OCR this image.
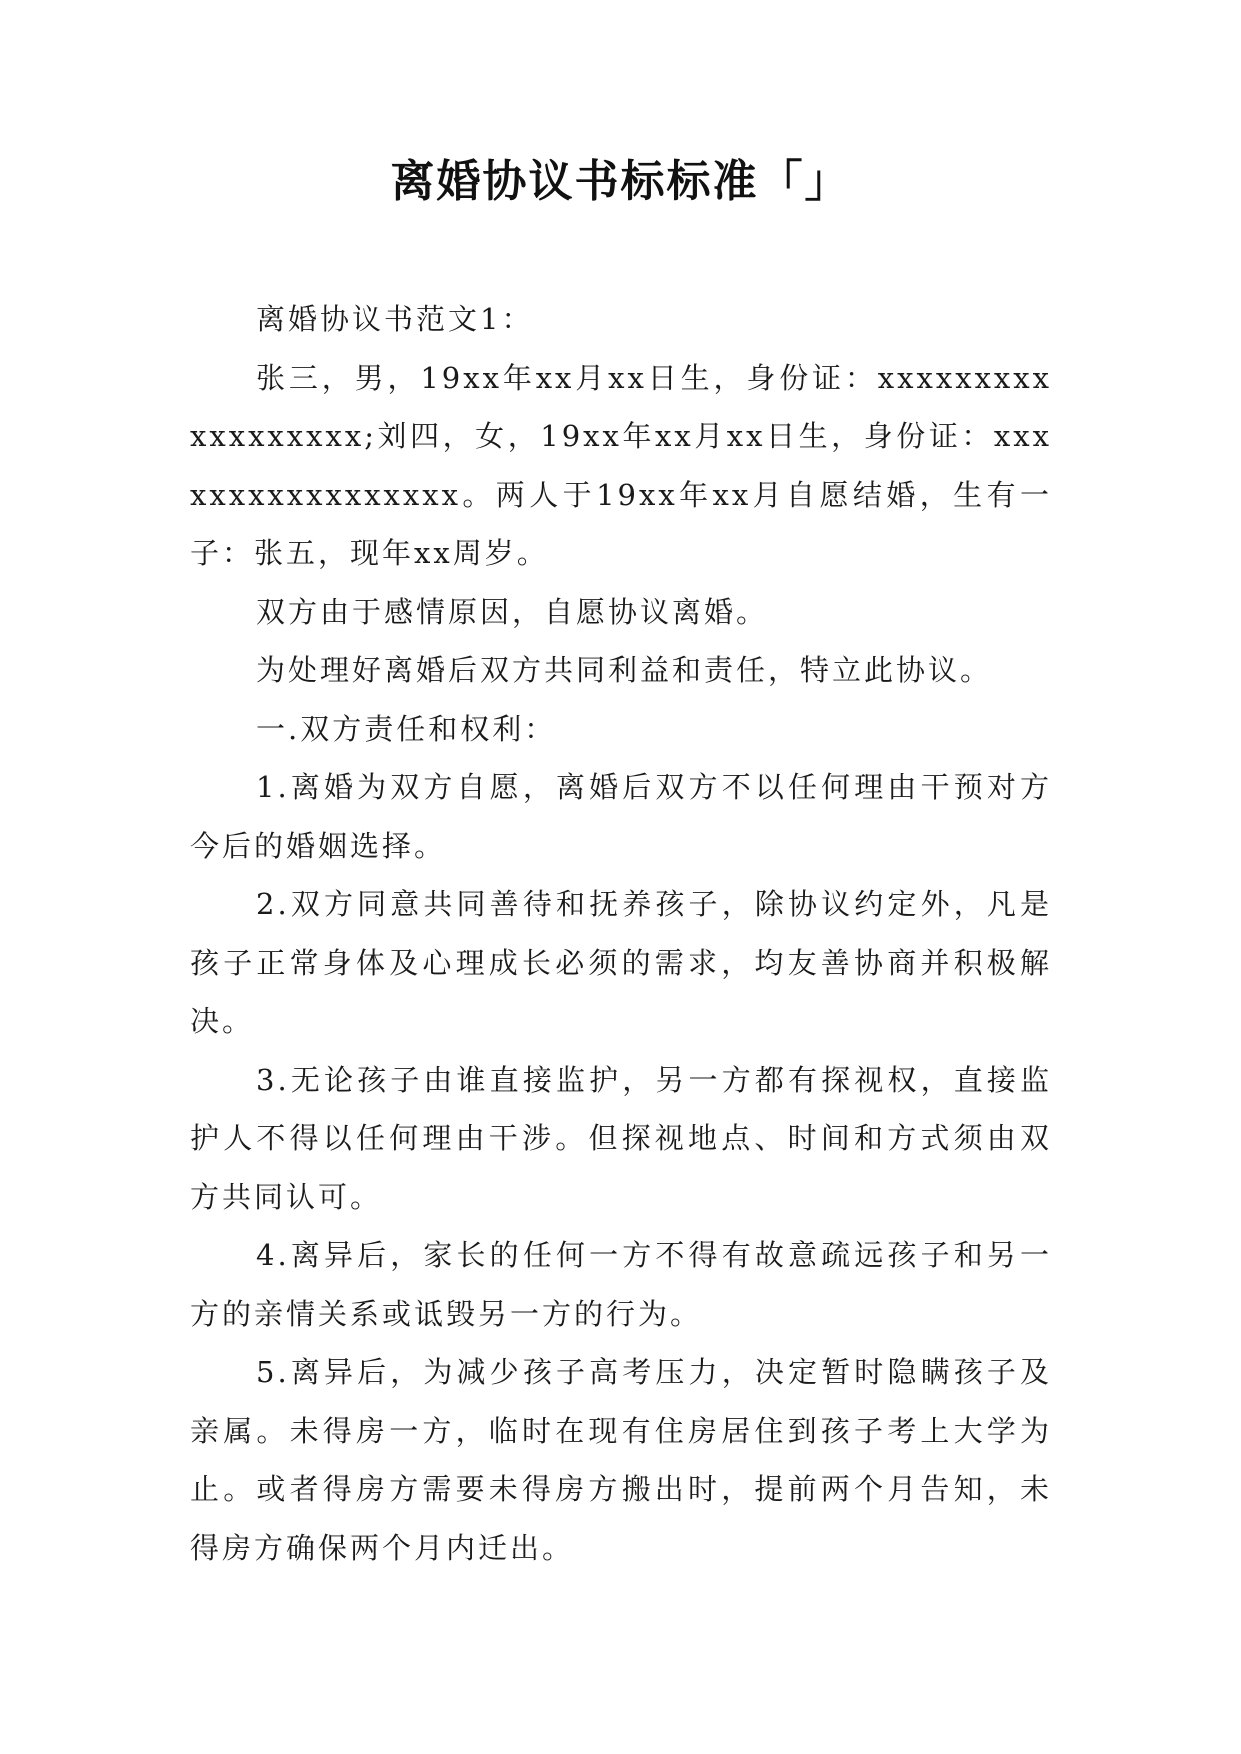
离婚协议书标标准「」

离婚协议书范文1：

张三，男，19xx年xx月xx日生，身份证：xxxxxxxxxxxxxxxxxx;刘四，女，19xx年xx月xx日生，身份证：xxxxxxxxxxxxxxxxx。两人于19xx年xx月自愿结婚，生有一子：张五，现年xx周岁。

双方由于感情原因，自愿协议离婚。

为处理好离婚后双方共同利益和责任，特立此协议。

一.双方责任和权利：

1.离婚为双方自愿，离婚后双方不以任何理由干预对方今后的婚姻选择。

2.双方同意共同善待和抚养孩子，除协议约定外，凡是孩子正常身体及心理成长必须的需求，均友善协商并积极解决。

3.无论孩子由谁直接监护，另一方都有探视权，直接监护人不得以任何理由干涉。但探视地点、时间和方式须由双方共同认可。

4.离异后，家长的任何一方不得有故意疏远孩子和另一方的亲情关系或诋毁另一方的行为。

5.离异后，为减少孩子高考压力，决定暂时隐瞒孩子及亲属。未得房一方，临时在现有住房居住到孩子考上大学为止。或者得房方需要未得房方搬出时，提前两个月告知，未得房方确保两个月内迁出。
